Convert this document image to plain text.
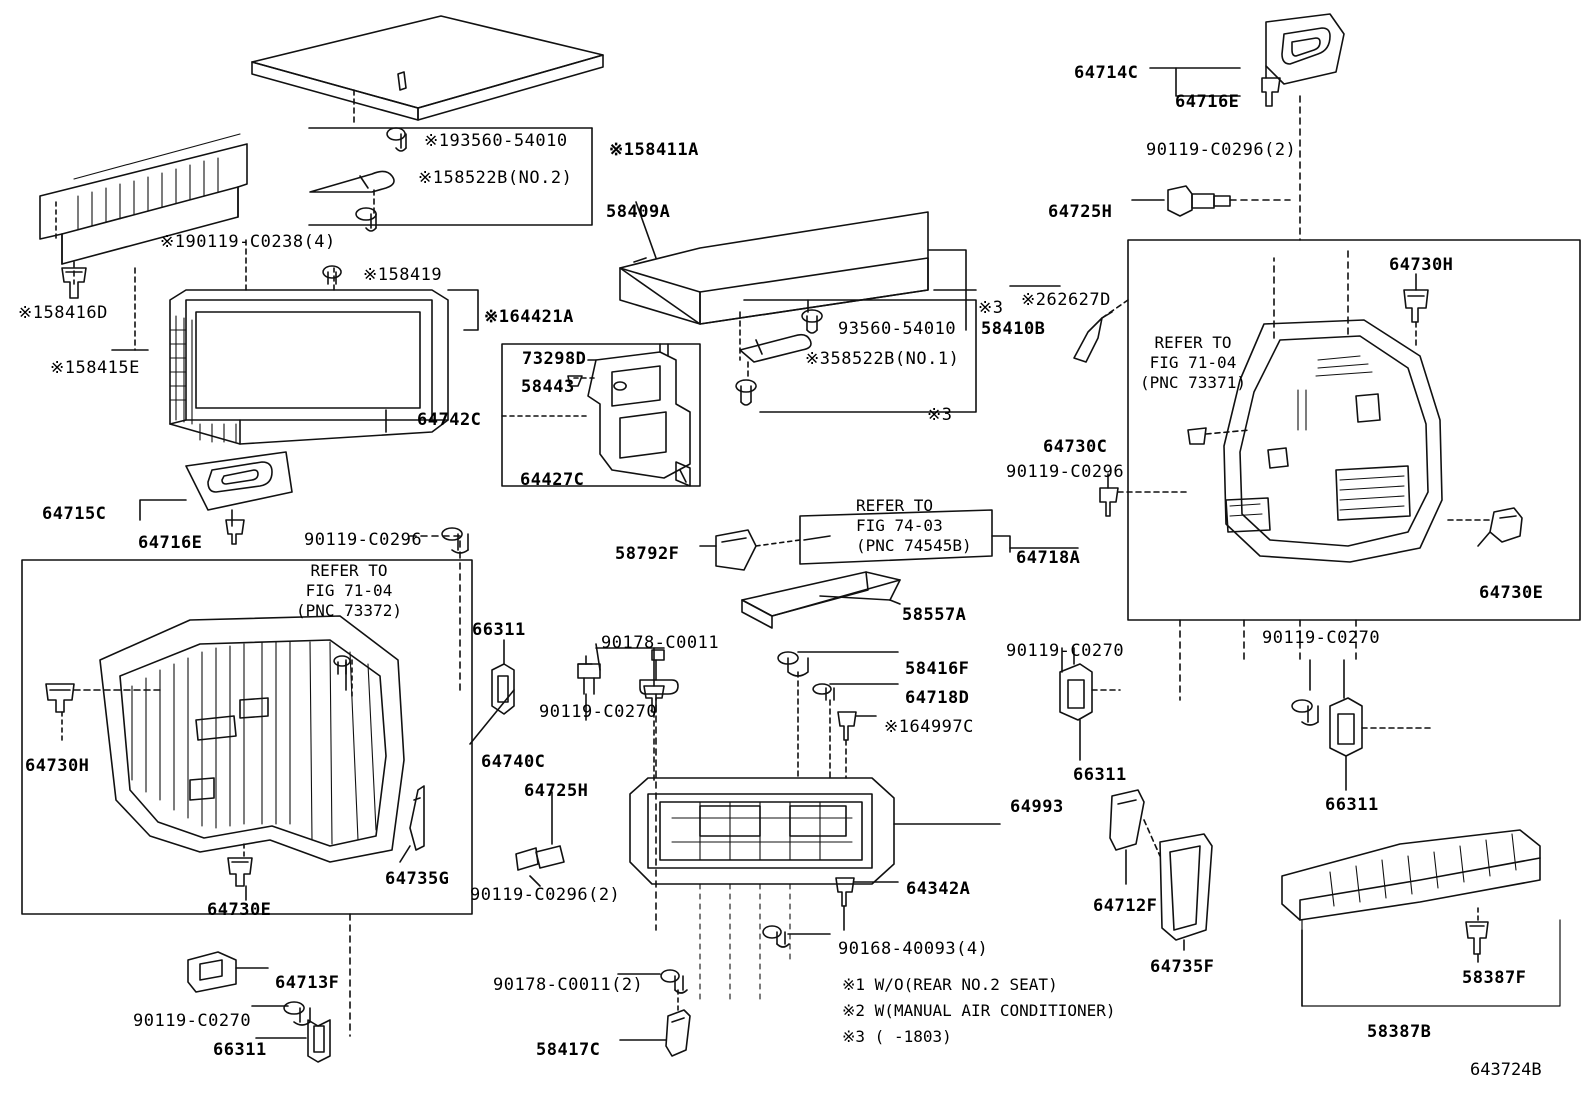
※193560-54010 ※158411A
※158522B(NO.2)
58409A
※190119-C0238(4)
※158419
※164421A
※158416D
※158415E	73298D
58443
64742C
64427C
93560-54010
※3
58410B
※358522B(NO.1)
※3
※262627D
64714C
64716E
90119-C0296(2)
64725H
64730H
64730C
90119-C0296
64730E
64715C
64716E	90119-C0296
66311
90178-C0011
58792F	64718A
58557A
58416F
64718D
※164997C
90119-C0270
90119-C0270
66311
66311
64993
64730H
90119-C0270
64740C
64725H
64735G
90119-C0296(2)
64730E
64713F
90119-C0270
66311
90178-C0011(2)
58417C
64342A
90168-40093(4)
64712F
64735F
58387F
58387B
REFER TO
FIG 71-04
(PNC 73371)
REFER TO
FIG 71-04
(PNC 73372)
REFER TO
FIG 74-03
(PNC 74545B)
※1 W/O(REAR NO.2 SEAT)
※2 W(MANUAL AIR CONDITIONER)
※3 ( -1803)
643724B
